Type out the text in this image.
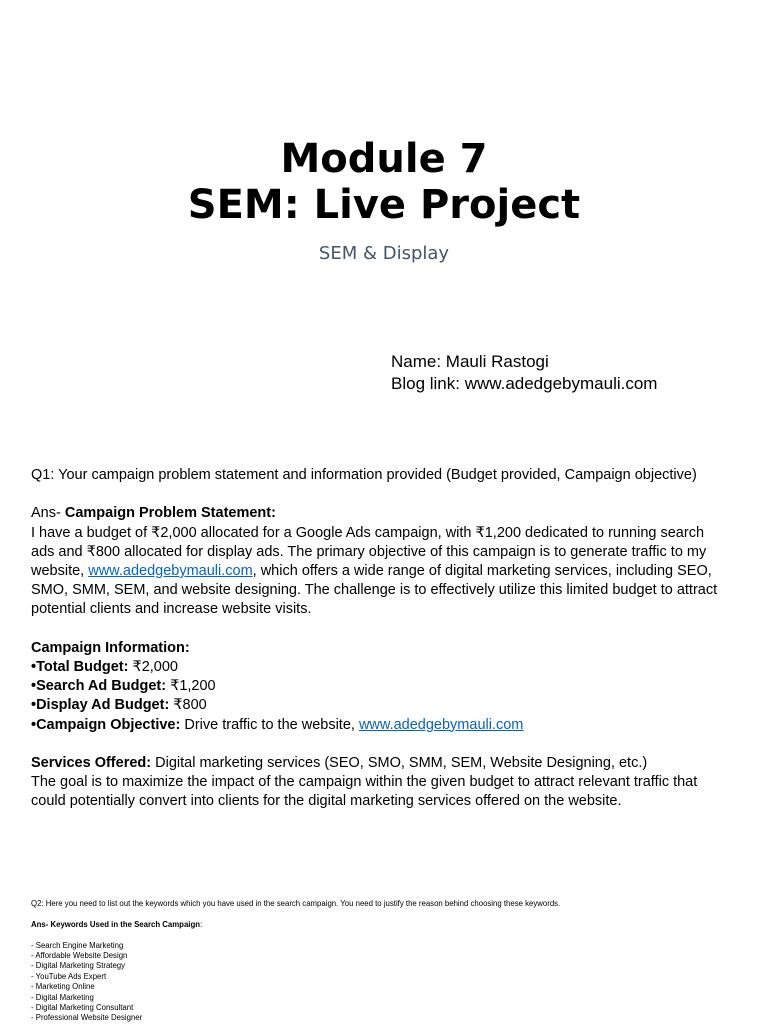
Module 7
SEM: Live Project
SEM & Display
Name: Mauli Rastogi
Blog link: www.adedgebymauli.com

Q1: Your campaign problem statement and information provided (Budget provided, Campaign objective)

Ans- Campaign Problem Statement:

I have a budget of ₹2,000 allocated for a Google Ads campaign, with ₹1,200 dedicated to running search ads and ₹800 allocated for display ads. The primary objective of this campaign is to generate traffic to my website, www.adedgebymauli.com, which offers a wide range of digital marketing services, including SEO, SMO, SMM, SEM, and website designing. The challenge is to effectively utilize this limited budget to attract potential clients and increase website visits.

Campaign Information:

•Total Budget: ₹2,000

•Search Ad Budget: ₹1,200

•Display Ad Budget: ₹800

•Campaign Objective: Drive traffic to the website, www.adedgebymauli.com

Services Offered: Digital marketing services (SEO, SMO, SMM, SEM, Website Designing, etc.)

The goal is to maximize the impact of the campaign within the given budget to attract relevant traffic that could potentially convert into clients for the digital marketing services offered on the website.

Q2: Here you need to list out the keywords which you have used in the search campaign. You need to justify the reason behind choosing these keywords.

Ans- Keywords Used in the Search Campaign:

- Search Engine Marketing
- Affordable Website Design
- Digital Marketing Strategy
- YouTube Ads Expert
- Marketing Online
- Digital Marketing
- Digital Marketing Consultant
- Professional Website Designer
